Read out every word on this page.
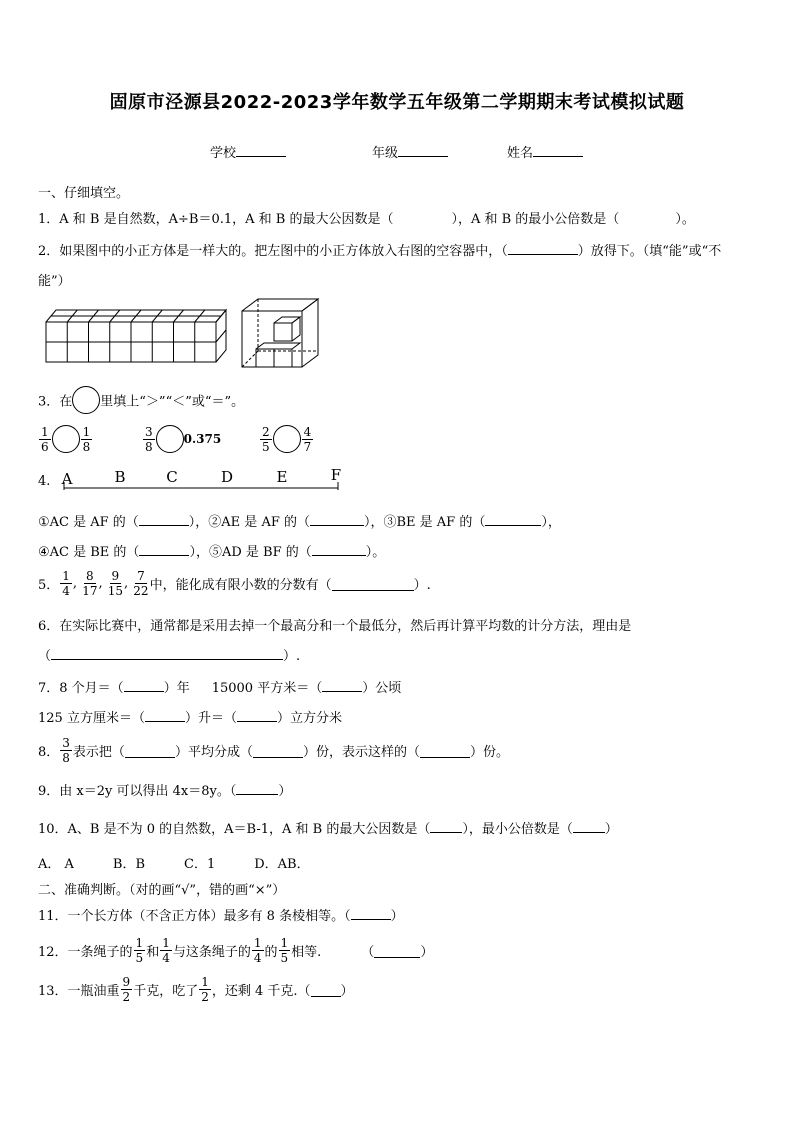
固原市泾源县2022-2023学年数学五年级第二学期期末考试模拟试题
学校	年级	姓名
一、仔细填空。
1．A 和 B 是自然数，A÷B＝0.1，A 和 B 的最大公因数是（	），A 和 B 的最小公倍数是（	）。
2．如果图中的小正方体是一样大的。把左图中的小正方体放入右图的空容器中，（	）放得下。（填“能”或“不
能”）
3．在 里填上“＞”“＜”或“＝”。
$\frac{1}{6}$	$\frac{1}{8}$	$\frac{3}{8} 0.375$	$\frac{2}{5}$	$\frac{4}{7}$
4. A	B	C	D	E	F
①AC 是 AF 的（	），②AE 是 AF 的（	），③BE 是 AF 的（	），
④AC 是 BE 的（	），⑤AD 是 BF 的（	）。
5． $\frac{1}{4}$ , $\frac{8}{17}$ , $\frac{9}{15}$ , $\frac{7}{22}$ 中，能化成有限小数的分数有（	）.
6．在实际比赛中，通常都是采用去掉一个最高分和一个最低分，然后再计算平均数的计分方法，理由是
（	）.
7．8 个月＝（	）年 15000 平方米＝（	）公顷
125 立方厘米＝（	）升＝（	）立方分米
8． $\frac{3}{8}$ 表示把（	）平均分成（	）份，表示这样的（	）份。
9．由 x＝2y 可以得出 4x＝8y。（	）
10．A、B 是不为 0 的自然数，A＝B-1，A 和 B 的最大公因数是（ ），最小公倍数是（ ）
A． A　　　B．B　　　C．1　　　D．AB．
二、准确判断。（对的画“√”，错的画“×”）
11．一个长方体（不含正方体）最多有 8 条棱相等。（	）
12．一条绳子的 $\frac{1}{5}$ 和 $\frac{1}{4}$ 与这条绳子的 $\frac{1}{4}$ 的 $\frac{1}{5}$ 相等.	（	）
13．一瓶油重 $\frac{9}{2}$ 千克，吃了 $\frac{1}{2}$ ，还剩 4 千克.（ ）
